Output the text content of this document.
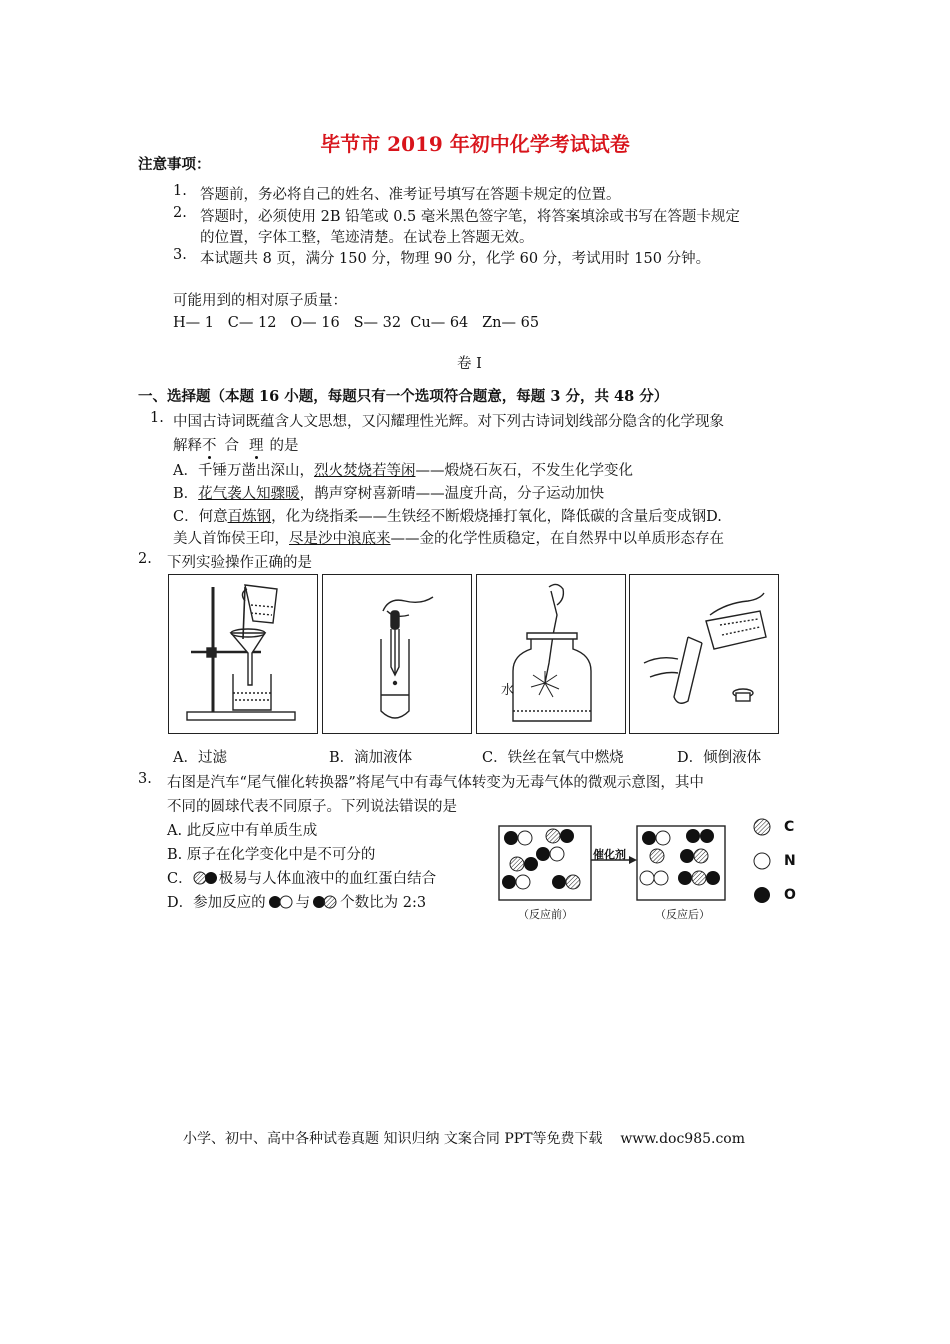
毕节市 2019 年初中化学考试试卷
注意事项：
1. 答题前，务必将自己的姓名、准考证号填写在答题卡规定的位置。
2. 答题时，必须使用 2B 铅笔或 0.5 毫米黑色签字笔，将答案填涂或书写在答题卡规定
的位置，字体工整，笔迹清楚。在试卷上答题无效。
3. 本试题共 8 页，满分 150 分，物理 90 分，化学 60 分，考试用时 150 分钟。
可能用到的相对原子质量：
H— 1   C— 12   O— 16   S— 32  Cu— 64   Zn— 65
卷 I
一、选择题（本题 16 小题，每题只有一个选项符合题意，每题 3 分，共 48 分）
1. 中国古诗词既蕴含人文思想，又闪耀理性光辉。对下列古诗词划线部分隐含的化学现象
解释不 合 理 的是
A．千锤万凿出深山，烈火焚烧若等闲——煅烧石灰石，不发生化学变化
B．花气袭人知骤暖，鹊声穿树喜新晴——温度升高，分子运动加快
C．何意百炼钢，化为绕指柔——生铁经不断煅烧捶打氧化，降低碳的含量后变成钢D.
美人首饰侯王印，尽是沙中浪底来——金的化学性质稳定，在自然界中以单质形态存在
2. 下列实验操作正确的是
水
A．过滤	B．滴加液体	C．铁丝在氧气中燃烧	D．倾倒液体
3. 右图是汽车“尾气催化转换器”将尾气中有毒气体转变为无毒气体的微观示意图，其中
不同的圆球代表不同原子。下列说法错误的是
A. 此反应中有单质生成
B. 原子在化学变化中是不可分的
C． 极易与人体血液中的血红蛋白结合
D．参加反应的 与 个数比为 2:3
催化剂
（反应前）	（反应后）
C
N
O
小学、初中、高中各种试卷真题 知识归纳 文案合同 PPT等免费下载    www.doc985.com
